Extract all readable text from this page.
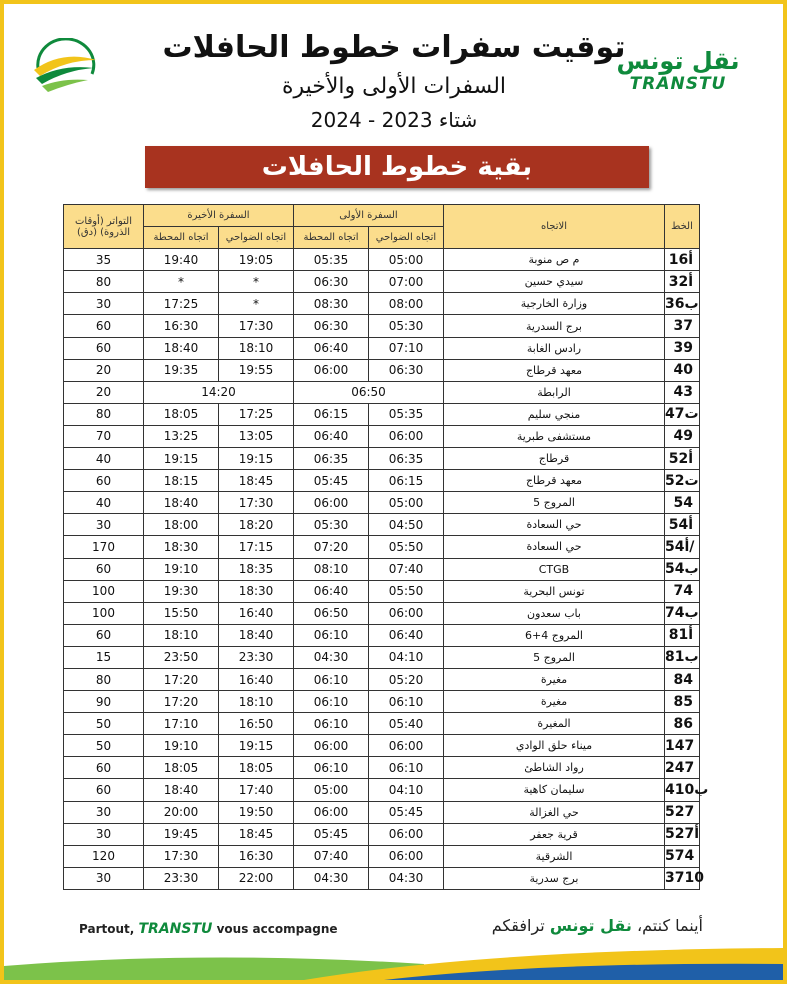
توقيت سفرات خطوط الحافلات
السفرات الأولى والأخيرة
شتاء 2023 - 2024
نقل تونس
TRANSTU
بقية خطوط الحافلات
التواتر (أوقات الذروة) (دق)	السفرة الأخيرة		السفرة الأولى		الاتجاه	الخط
	اتجاه المحطة	اتجاه الضواحي	اتجاه المحطة	اتجاه الضواحي		
35	19:40	19:05	05:35	05:00	م ص منوبة	16أ
80	*	*	06:30	07:00	سيدي حسين	32أ
30	17:25	*	08:30	08:00	وزارة الخارجية	36ب
60	16:30	17:30	06:30	05:30	برج السدرية	37
60	18:40	18:10	06:40	07:10	رادس الغابة	39
20	19:35	19:55	06:00	06:30	معهد قرطاج	40
20	14:20		06:50		الرابطة	43
80	18:05	17:25	06:15	05:35	منجي سليم	47ت
70	13:25	13:05	06:40	06:00	مستشفى طبرية	49
40	19:15	19:15	06:35	06:35	قرطاج	52أ
60	18:15	18:45	05:45	06:15	معهد قرطاج	52ت
40	18:40	17:30	06:00	05:00	المروج 5	54
30	18:00	18:20	05:30	04:50	حي السعادة	54أ
170	18:30	17:15	07:20	05:50	حي السعادة	54أ/
60	19:10	18:35	08:10	07:40	CTGB	54ب
100	19:30	18:30	06:40	05:50	تونس البحرية	74
100	15:50	16:40	06:50	06:00	باب سعدون	74ب
60	18:10	18:40	06:10	06:40	المروج 4+6	81أ
15	23:50	23:30	04:30	04:10	المروج 5	81ب
80	17:20	16:40	06:10	05:20	مغيرة	84
90	17:20	18:10	06:10	06:10	مغيرة	85
50	17:10	16:50	06:10	05:40	المغيرة	86
50	19:10	19:15	06:00	06:00	ميناء حلق الوادي	147
60	18:05	18:05	06:10	06:10	رواد الشاطئ	247
60	18:40	17:40	05:00	04:10	سليمان كاهية	410ب
30	20:00	19:50	06:00	05:45	حي الغزالة	527
30	19:45	18:45	05:45	06:00	قرية جعفر	527أ
120	17:30	16:30	07:40	06:00	الشرقية	574
30	23:30	22:00	04:30	04:30	برج سدرية	3710
Partout, TRANSTU vous accompagne	أينما كنتم، نقل تونس ترافقكم
